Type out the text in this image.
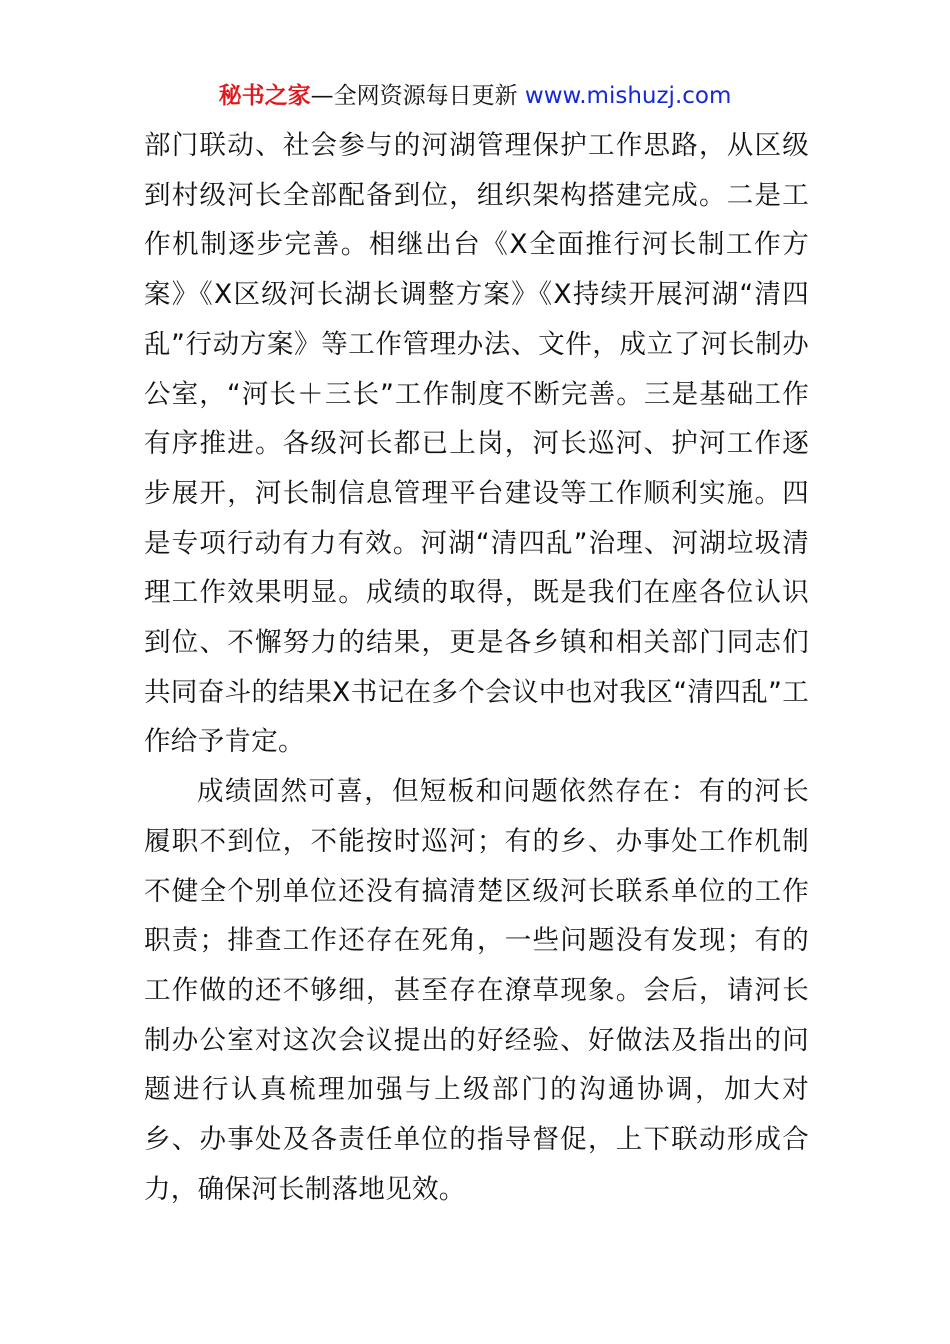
秘书之家—全网资源每日更新 www.mishuzj.com

部门联动、社会参与的河湖管理保护工作思路，从区级到村级河长全部配备到位，组织架构搭建完成。二是工作机制逐步完善。相继出台《X全面推行河长制工作方案》《X区级河长湖长调整方案》《X持续开展河湖“清四乱”行动方案》等工作管理办法、文件，成立了河长制办公室，“河长＋三长”工作制度不断完善。三是基础工作有序推进。各级河长都已上岗，河长巡河、护河工作逐步展开，河长制信息管理平台建设等工作顺利实施。四是专项行动有力有效。河湖“清四乱”治理、河湖垃圾清理工作效果明显。成绩的取得，既是我们在座各位认识到位、不懈努力的结果，更是各乡镇和相关部门同志们共同奋斗的结果X书记在多个会议中也对我区“清四乱”工作给予肯定。

成绩固然可喜，但短板和问题依然存在：有的河长履职不到位，不能按时巡河；有的乡、办事处工作机制不健全个别单位还没有搞清楚区级河长联系单位的工作职责；排查工作还存在死角，一些问题没有发现；有的工作做的还不够细，甚至存在潦草现象。会后，请河长制办公室对这次会议提出的好经验、好做法及指出的问题进行认真梳理加强与上级部门的沟通协调，加大对乡、办事处及各责任单位的指导督促，上下联动形成合力，确保河长制落地见效。
